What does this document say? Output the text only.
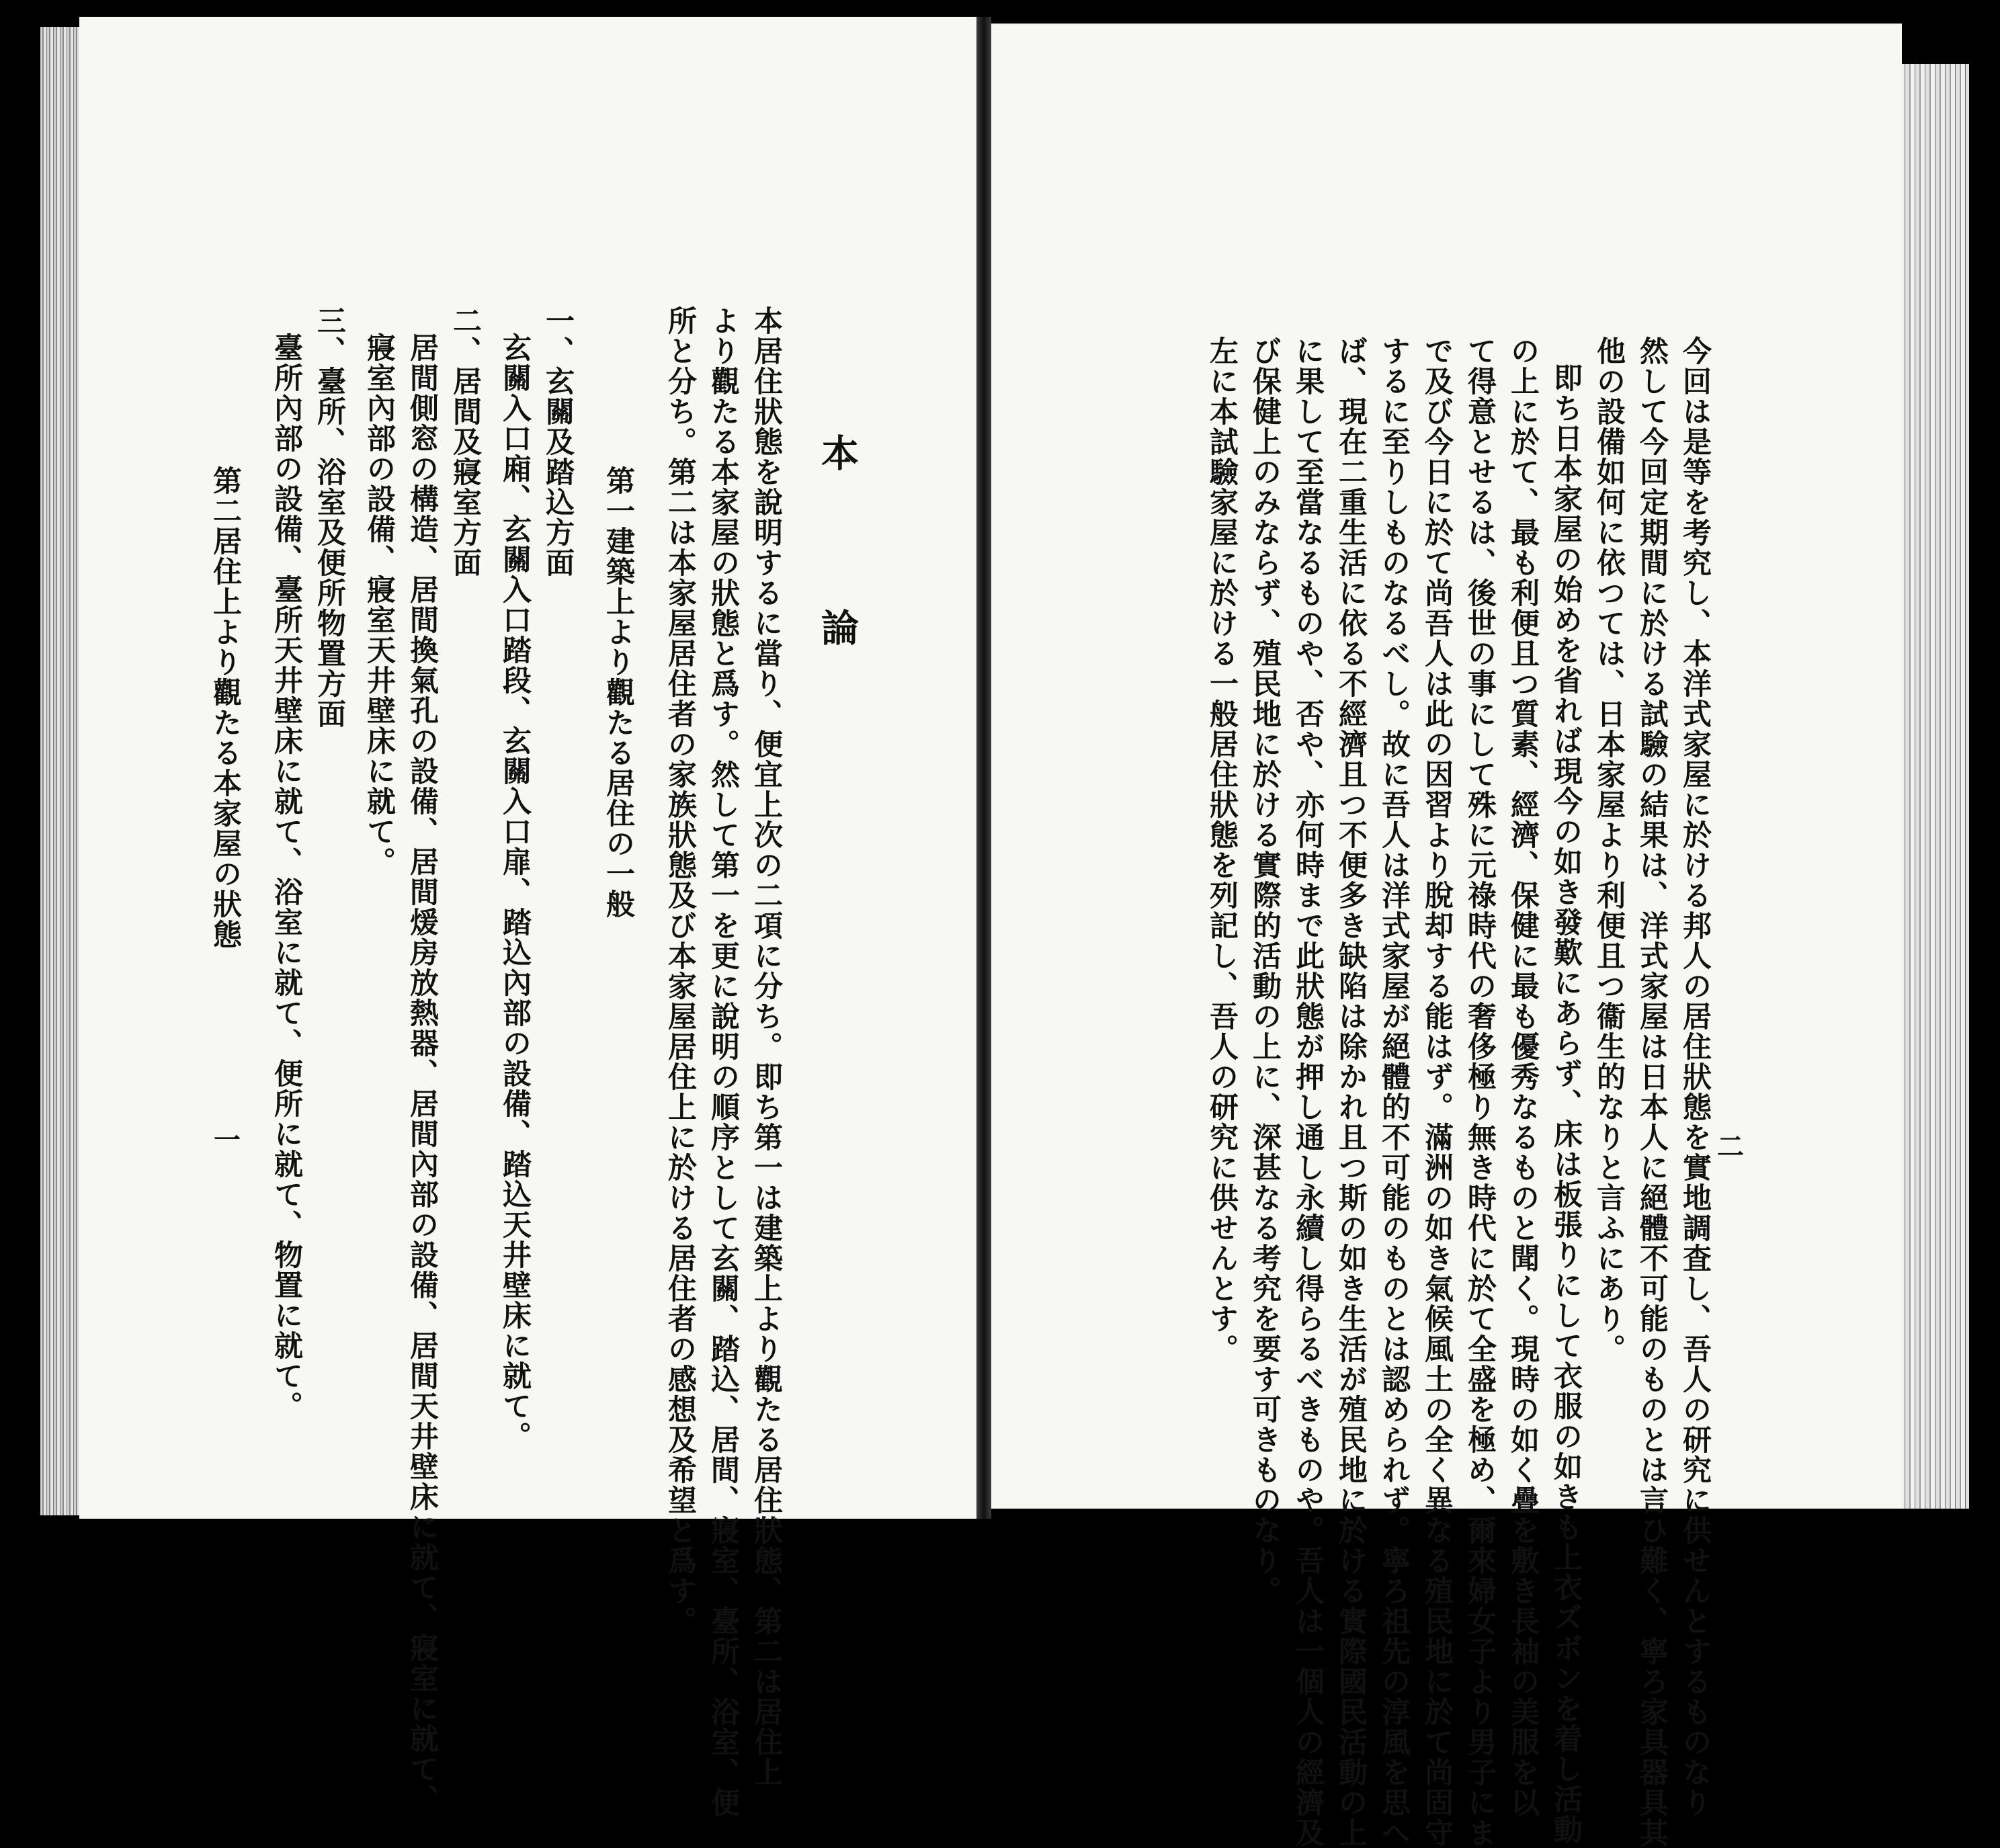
本
論
本居住狀態を說明するに當り、便宜上次の二項に分ち。即ち第一は建築上より觀たる居住狀態、第二は居住上
より觀たる本家屋の狀態と爲す。然して第一を更に說明の順序として玄關、踏込、居間、寢室、臺所、浴室、便
所と分ち。第二は本家屋居住者の家族狀態及び本家屋居住上に於ける居住者の感想及希望と爲す。
第一建築上より觀たる居住の一般
一、玄關及踏込方面
玄關入口廂、玄關入口踏段、玄關入口扉、踏込內部の設備、踏込天井壁床に就て。
二、居間及寢室方面
居間側窓の構造、居間換氣孔の設備、居間煖房放熱器、居間內部の設備、居間天井壁床に就て、寢室に就て、
寢室內部の設備、寢室天井壁床に就て。
三、臺所、浴室及便所物置方面
臺所內部の設備、臺所天井壁床に就て、浴室に就て、便所に就て、物置に就て。
第二居住上より觀たる本家屋の狀態
一	今回は是等を考究し、本洋式家屋に於ける邦人の居住狀態を實地調査し、吾人の研究に供せんとするものなり
然して今回定期間に於ける試驗の結果は、洋式家屋は日本人に絕體不可能のものとは言ひ難く、寧ろ家具器具其
他の設備如何に依つては、日本家屋より利便且つ衞生的なりと言ふにあり。
即ち日本家屋の始めを省れば現今の如き發歎にあらず、床は板張りにして衣服の如きも上衣ズボンを着し活動
の上に於て、最も利便且つ質素、經濟、保健に最も優秀なるものと聞く。現時の如く疊を敷き長袖の美服を以
て得意とせるは、後世の事にして殊に元祿時代の奢侈極り無き時代に於て全盛を極め、爾來婦女子より男子にま
で及び今日に於て尚吾人は此の因習より脫却する能はず。滿洲の如き氣候風土の全く異なる殖民地に於て尚固守
するに至りしものなるべし。故に吾人は洋式家屋が絕體的不可能のものとは認められず。寧ろ祖先の淳風を思へ
ば、現在二重生活に依る不經濟且つ不便多き缺陷は除かれ且つ斯の如き生活が殖民地に於ける實際國民活動の上
に果して至當なるものや、否や、亦何時まで此狀態が押し通し永續し得らるべきものや。吾人は一個人の經濟及
び保健上のみならず、殖民地に於ける實際的活動の上に、深甚なる考究を要す可きものなり。
左に本試驗家屋に於ける一般居住狀態を列記し、吾人の研究に供せんとす。	二
